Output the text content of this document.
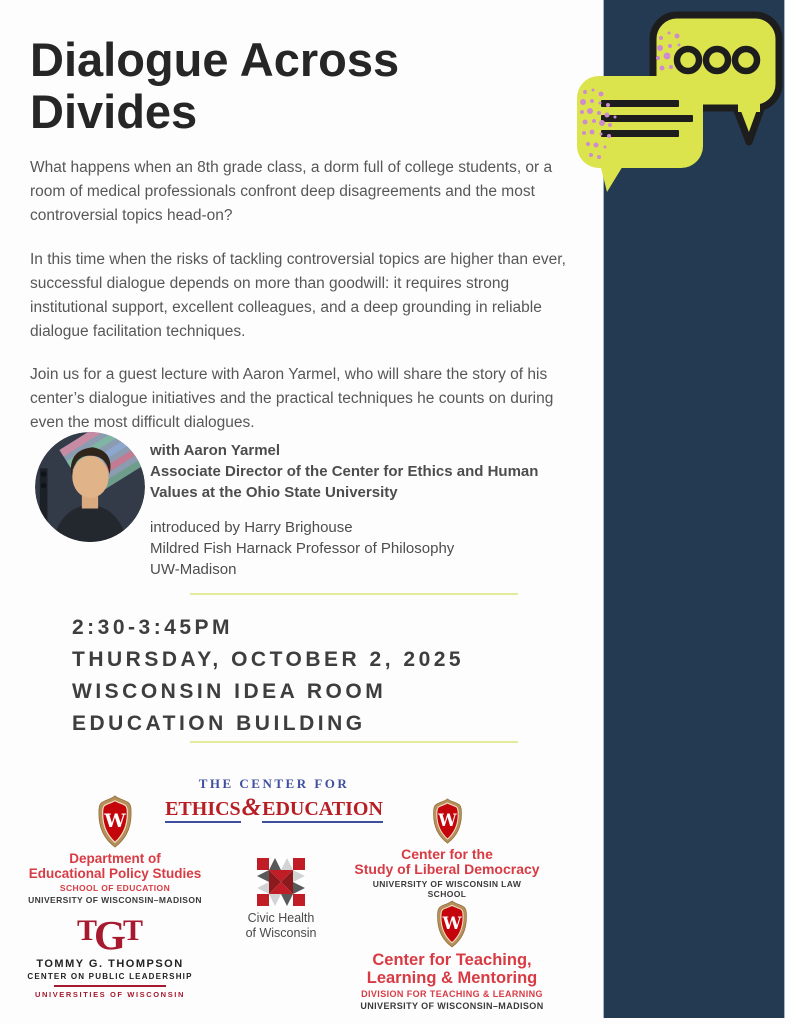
Dialogue Across
Divides

What happens when an 8th grade class, a dorm full of college students, or a room of medical professionals confront deep disagreements and the most controversial topics head-on?

In this time when the risks of tackling controversial topics are higher than ever, successful dialogue depends on more than goodwill: it requires strong institutional support, excellent colleagues, and a deep grounding in reliable dialogue facilitation techniques.

Join us for a guest lecture with Aaron Yarmel, who will share the story of his center’s dialogue initiatives and the practical techniques he counts on during even the most difficult dialogues.

with Aaron Yarmel
Associate Director of the Center for Ethics and Human Values at the Ohio State University
introduced by Harry Brighouse
Mildred Fish Harnack Professor of Philosophy
UW-Madison
2:30-3:45PM
THURSDAY, OCTOBER 2, 2025
WISCONSIN IDEA ROOM
EDUCATION BUILDING
THE CENTER FOR
ETHICS&EDUCATION
W
Department of
Educational Policy Studies
SCHOOL OF EDUCATION
UNIVERSITY OF WISCONSIN–MADISON
W
Center for the
Study of Liberal Democracy
UNIVERSITY OF WISCONSIN LAW SCHOOL
Civic Health
of Wisconsin
T
G
T
TOMMY G. THOMPSON
CENTER ON PUBLIC LEADERSHIP
UNIVERSITIES OF WISCONSIN
W
Center for Teaching,
Learning & Mentoring
DIVISION FOR TEACHING & LEARNING
UNIVERSITY OF WISCONSIN–MADISON
